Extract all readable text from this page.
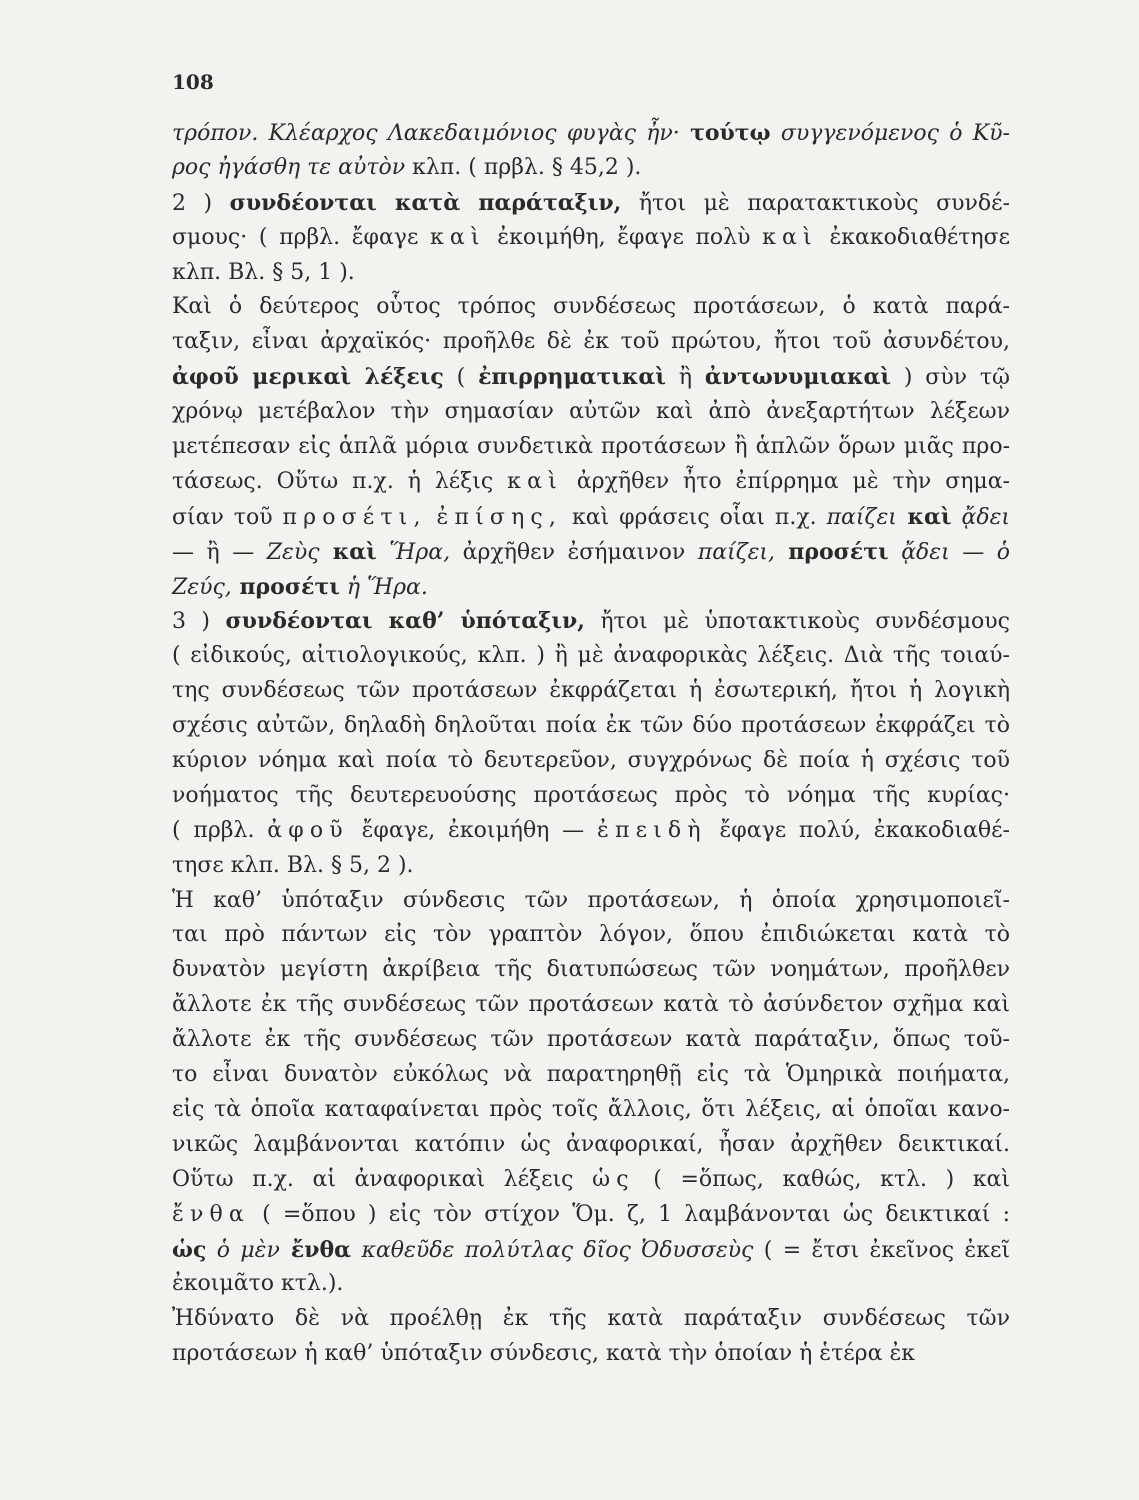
108
τρόπον. Κλέαρχος Λακεδαιμόνιος φυγὰς ἦν· τούτῳ συγγενόμενος ὁ Κῦ-
ρος ἠγάσθη τε αὐτὸν κλπ. ( πρβλ. § 45,2 ).
2 ) συνδέονται κατὰ παράταξιν, ἤτοι μὲ παρατακτικοὺς συνδέ-
σμους· ( πρβλ. ἔφαγε καὶ ἐκοιμήθη, ἔφαγε πολὺ καὶ ἐκακοδιαθέτησε
κλπ. Βλ. § 5, 1 ).
Καὶ ὁ δεύτερος οὗτος τρόπος συνδέσεως προτάσεων, ὁ κατὰ παρά-
ταξιν, εἶναι ἀρχαϊκός· προῆλθε δὲ ἐκ τοῦ πρώτου, ἤτοι τοῦ ἀσυνδέτου,
ἀφοῦ μερικαὶ λέξεις ( ἐπιρρηματικαὶ ἢ ἀντωνυμιακαὶ ) σὺν τῷ
χρόνῳ μετέβαλον τὴν σημασίαν αὐτῶν καὶ ἀπὸ ἀνεξαρτήτων λέξεων
μετέπεσαν εἰς ἁπλᾶ μόρια συνδετικὰ προτάσεων ἢ ἁπλῶν ὅρων μιᾶς προ-
τάσεως. Οὕτω π.χ. ἡ λέξις καὶ ἀρχῆθεν ἦτο ἐπίρρημα μὲ τὴν σημα-
σίαν τοῦ προσέτι, ἐπίσης, καὶ φράσεις οἷαι π.χ. παίζει καὶ ᾄδει
— ἢ — Ζεὺς καὶ Ἥρα, ἀρχῆθεν ἐσήμαινον παίζει, προσέτι ᾄδει — ὁ
Ζεύς, προσέτι ἡ Ἥρα.
3 ) συνδέονται καθ’ ὑπόταξιν, ἤτοι μὲ ὑποτακτικοὺς συνδέσμους
( εἰδικούς, αἰτιολογικούς, κλπ. ) ἢ μὲ ἀναφορικὰς λέξεις. Διὰ τῆς τοιαύ-
της συνδέσεως τῶν προτάσεων ἐκφράζεται ἡ ἐσωτερική, ἤτοι ἡ λογικὴ
σχέσις αὐτῶν, δηλαδὴ δηλοῦται ποία ἐκ τῶν δύο προτάσεων ἐκφράζει τὸ
κύριον νόημα καὶ ποία τὸ δευτερεῦον, συγχρόνως δὲ ποία ἡ σχέσις τοῦ
νοήματος τῆς δευτερευούσης προτάσεως πρὸς τὸ νόημα τῆς κυρίας·
( πρβλ. ἀφοῦ ἔφαγε, ἐκοιμήθη — ἐπειδὴ ἔφαγε πολύ, ἐκακοδιαθέ-
τησε κλπ. Βλ. § 5, 2 ).
Ἡ καθ’ ὑπόταξιν σύνδεσις τῶν προτάσεων, ἡ ὁποία χρησιμοποιεῖ-
ται πρὸ πάντων εἰς τὸν γραπτὸν λόγον, ὅπου ἐπιδιώκεται κατὰ τὸ
δυνατὸν μεγίστη ἀκρίβεια τῆς διατυπώσεως τῶν νοημάτων, προῆλθεν
ἄλλοτε ἐκ τῆς συνδέσεως τῶν προτάσεων κατὰ τὸ ἀσύνδετον σχῆμα καὶ
ἄλλοτε ἐκ τῆς συνδέσεως τῶν προτάσεων κατὰ παράταξιν, ὅπως τοῦ-
το εἶναι δυνατὸν εὐκόλως νὰ παρατηρηθῇ εἰς τὰ Ὁμηρικὰ ποιήματα,
εἰς τὰ ὁποῖα καταφαίνεται πρὸς τοῖς ἄλλοις, ὅτι λέξεις, αἱ ὁποῖαι κανο-
νικῶς λαμβάνονται κατόπιν ὡς ἀναφορικαί, ἦσαν ἀρχῆθεν δεικτικαί.
Οὕτω π.χ. αἱ ἀναφορικαὶ λέξεις ὡς ( =ὅπως, καθώς, κτλ. ) καὶ
ἔνθα ( =ὅπου ) εἰς τὸν στίχον Ὅμ. ζ, 1 λαμβάνονται ὡς δεικτικαί :
ὡς ὁ μὲν ἔνθα καθεῦδε πολύτλας δῖος Ὀδυσσεὺς ( = ἔτσι ἐκεῖνος ἐκεῖ
ἐκοιμᾶτο κτλ.).
Ἠδύνατο δὲ νὰ προέλθῃ ἐκ τῆς κατὰ παράταξιν συνδέσεως τῶν
προτάσεων ἡ καθ’ ὑπόταξιν σύνδεσις, κατὰ τὴν ὁποίαν ἡ ἑτέρα ἐκ
